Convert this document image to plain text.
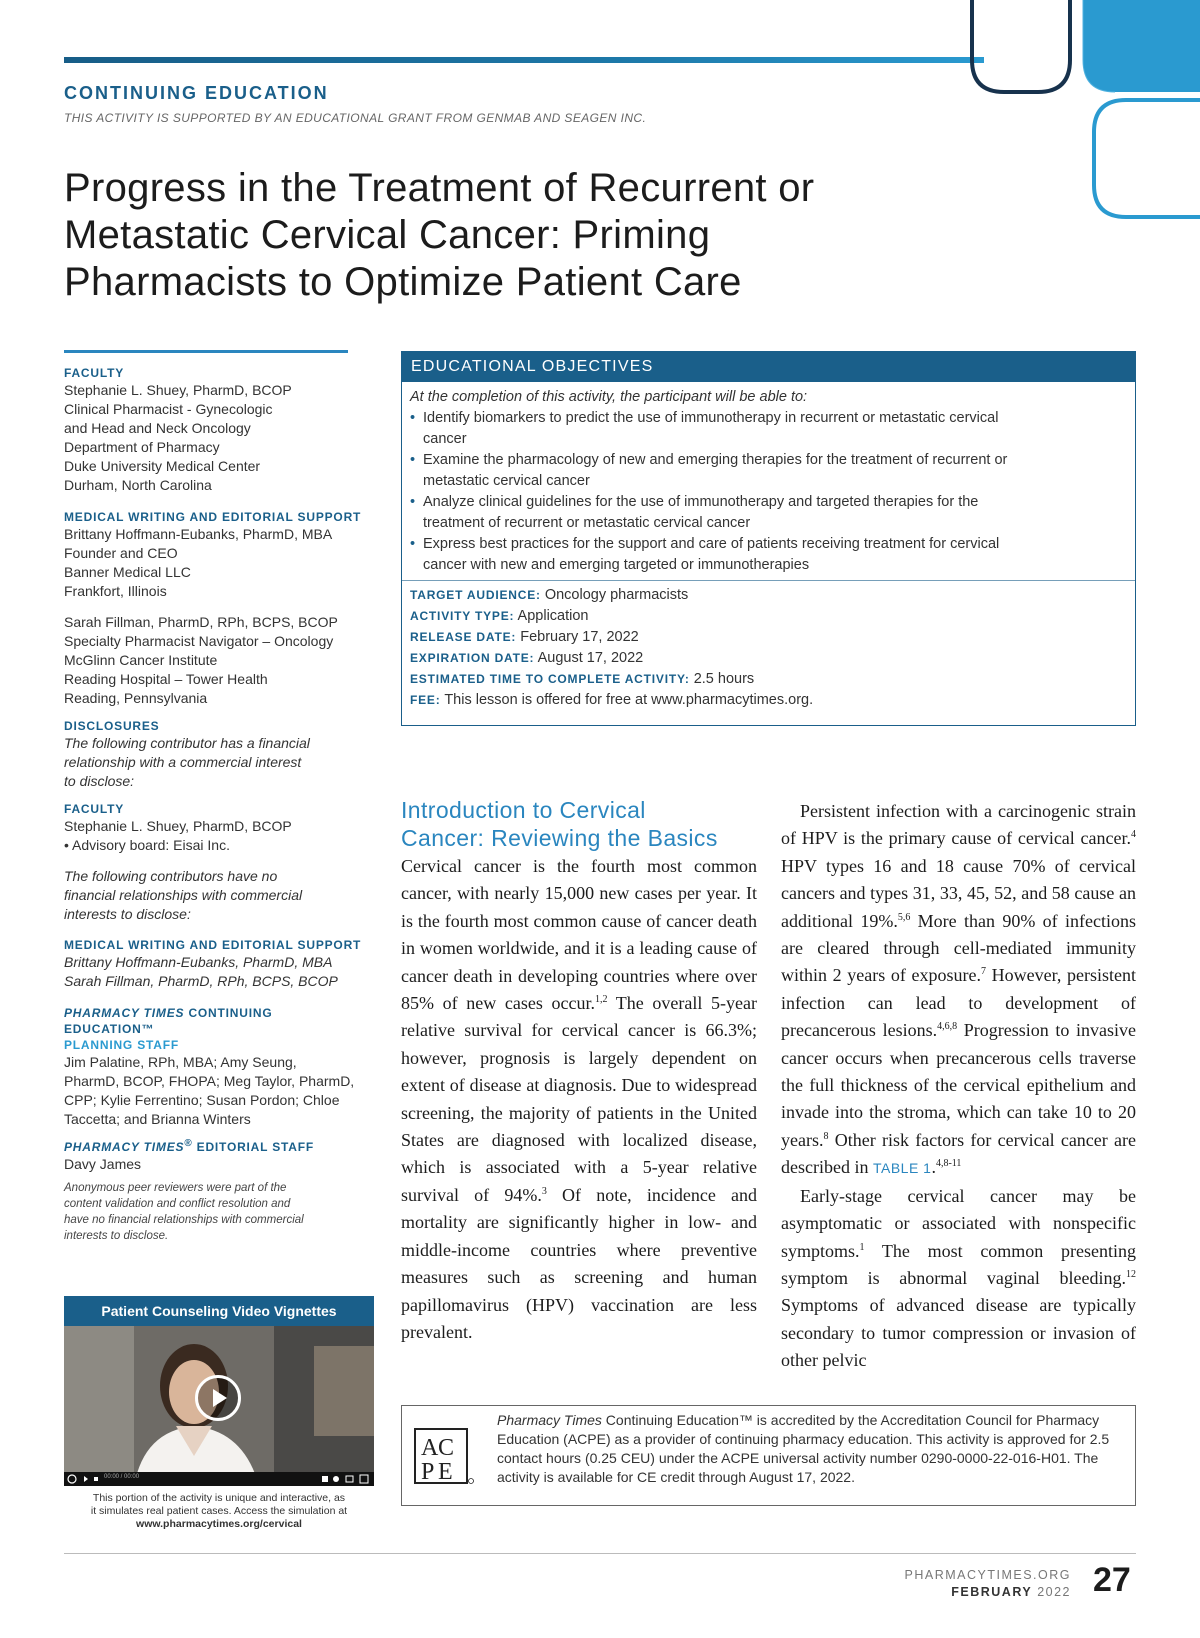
CONTINUING EDUCATION
THIS ACTIVITY IS SUPPORTED BY AN EDUCATIONAL GRANT FROM GENMAB AND SEAGEN INC.
Progress in the Treatment of Recurrent or Metastatic Cervical Cancer: Priming Pharmacists to Optimize Patient Care
FACULTY
Stephanie L. Shuey, PharmD, BCOP
Clinical Pharmacist - Gynecologic
and Head and Neck Oncology
Department of Pharmacy
Duke University Medical Center
Durham, North Carolina
MEDICAL WRITING AND EDITORIAL SUPPORT
Brittany Hoffmann-Eubanks, PharmD, MBA
Founder and CEO
Banner Medical LLC
Frankfort, Illinois
Sarah Fillman, PharmD, RPh, BCPS, BCOP
Specialty Pharmacist Navigator – Oncology
McGlinn Cancer Institute
Reading Hospital – Tower Health
Reading, Pennsylvania
DISCLOSURES
The following contributor has a financial
relationship with a commercial interest
to disclose:
FACULTY
Stephanie L. Shuey, PharmD, BCOP
• Advisory board: Eisai Inc.
The following contributors have no
financial relationships with commercial
interests to disclose:
MEDICAL WRITING AND EDITORIAL SUPPORT
Brittany Hoffmann-Eubanks, PharmD, MBA
Sarah Fillman, PharmD, RPh, BCPS, BCOP
PHARMACY TIMES CONTINUING
EDUCATION™
PLANNING STAFF
Jim Palatine, RPh, MBA; Amy Seung,
PharmD, BCOP, FHOPA; Meg Taylor, PharmD,
CPP; Kylie Ferrentino; Susan Pordon; Chloe
Taccetta; and Brianna Winters
PHARMACY TIMES® EDITORIAL STAFF
Davy James
Anonymous peer reviewers were part of the
content validation and conflict resolution and
have no financial relationships with commercial
interests to disclose.
Patient Counseling Video Vignettes
00:00 / 00:00
This portion of the activity is unique and interactive, as
it simulates real patient cases. Access the simulation at
www.pharmacytimes.org/cervical
EDUCATIONAL OBJECTIVES
At the completion of this activity, the participant will be able to:
• Identify biomarkers to predict the use of immunotherapy in recurrent or metastatic cervical
cancer
• Examine the pharmacology of new and emerging therapies for the treatment of recurrent or
metastatic cervical cancer
• Analyze clinical guidelines for the use of immunotherapy and targeted therapies for the
treatment of recurrent or metastatic cervical cancer
• Express best practices for the support and care of patients receiving treatment for cervical
cancer with new and emerging targeted or immunotherapies
TARGET AUDIENCE: Oncology pharmacists
ACTIVITY TYPE: Application
RELEASE DATE: February 17, 2022
EXPIRATION DATE: August 17, 2022
ESTIMATED TIME TO COMPLETE ACTIVITY: 2.5 hours
FEE: This lesson is offered for free at www.pharmacytimes.org.
Introduction to Cervical
Cancer: Reviewing the Basics

Cervical cancer is the fourth most common cancer, with nearly 15,000 new cases per year. It is the fourth most common cause of cancer death in women worldwide, and it is a leading cause of cancer death in developing countries where over 85% of new cases occur.$^{1,2}$ The overall 5-year relative survival for cervical cancer is 66.3%; however, prognosis is largely dependent on extent of disease at diagnosis. Due to widespread screening, the majority of patients in the United States are diagnosed with localized disease, which is associated with a 5-year relative survival of 94%.$^3$ Of note, incidence and mortality are significantly higher in low- and middle-income countries where preventive measures such as screening and human papillomavirus (HPV) vaccination are less prevalent.

Persistent infection with a carcinogenic strain of HPV is the primary cause of cervical cancer.$^4$ HPV types 16 and 18 cause 70% of cervical cancers and types 31, 33, 45, 52, and 58 cause an additional 19%.$^{5,6}$ More than 90% of infections are cleared through cell-mediated immunity within 2 years of exposure.$^7$ However, persistent infection can lead to development of precancerous lesions.$^{4,6,8}$ Progression to invasive cancer occurs when precancerous cells traverse the full thickness of the cervical epithelium and invade into the stroma, which can take 10 to 20 years.$^8$ Other risk factors for cervical cancer are described in TABLE 1.$^{4,8-11}$

Early-stage cervical cancer may be asymptomatic or associated with nonspecific symptoms.$^1$ The most common presenting symptom is abnormal vaginal bleeding.$^{12}$ Symptoms of advanced disease are typically secondary to tumor compression or invasion of other pelvic

A C
P E
Pharmacy Times Continuing Education™ is accredited by the Accreditation Council for Pharmacy Education (ACPE) as a provider of continuing pharmacy education. This activity is approved for 2.5 contact hours (0.25 CEU) under the ACPE universal activity number 0290-0000-22-016-H01. The activity is available for CE credit through August 17, 2022.
PHARMACYTIMES.ORG
FEBRUARY 2022 27
